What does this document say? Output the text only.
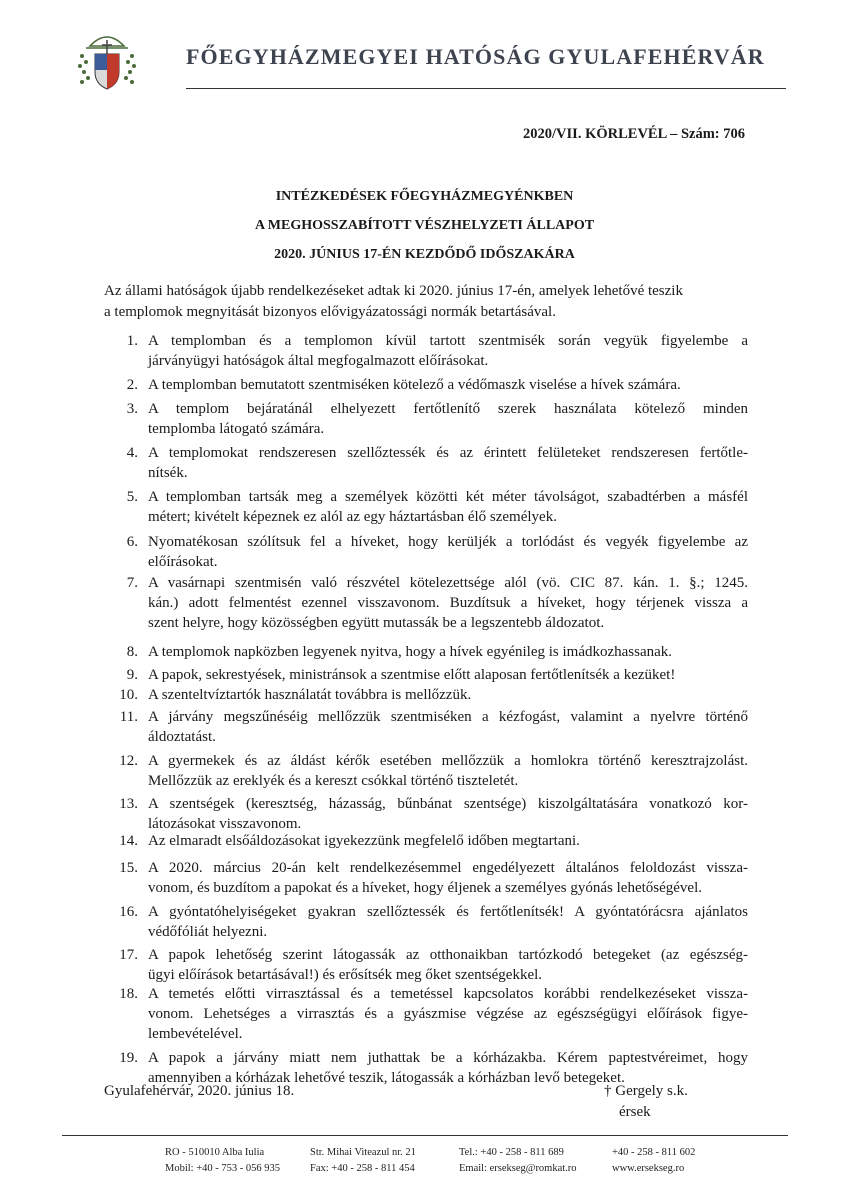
FŐEGYHÁZMEGYEI HATÓSÁG GYULAFEHÉRVÁR
2020/VII. KÖRLEVÉL – Szám: 706
INTÉZKEDÉSEK FŐEGYHÁZMEGYÉNKBEN
A MEGHOSSZABÍTOTT VÉSZHELYZETI ÁLLAPOT
2020. JÚNIUS 17-ÉN KEZDŐDŐ IDŐSZAKÁRA
Az állami hatóságok újabb rendelkezéseket adtak ki 2020. június 17-én, amelyek lehetővé teszik
a templomok megnyitását bizonyos elővigyázatossági normák betartásával.
1. A templomban és a templomon kívül tartott szentmisék során vegyük figyelembe a
járványügyi hatóságok által megfogalmazott előírásokat.
2. A templomban bemutatott szentmiséken kötelező a védőmaszk viselése a hívek számára.
3. A templom bejáratánál elhelyezett fertőtlenítő szerek használata kötelező minden
templomba látogató számára.
4. A templomokat rendszeresen szellőztessék és az érintett felületeket rendszeresen fertőtle-
nítsék.
5. A templomban tartsák meg a személyek közötti két méter távolságot, szabadtérben a másfél
métert; kivételt képeznek ez alól az egy háztartásban élő személyek.
6. Nyomatékosan szólítsuk fel a híveket, hogy kerüljék a torlódást és vegyék figyelembe az
előírásokat.
7. A vasárnapi szentmisén való részvétel kötelezettsége alól (vö. CIC 87. kán. 1. §.; 1245.
kán.) adott felmentést ezennel visszavonom. Buzdítsuk a híveket, hogy térjenek vissza a
szent helyre, hogy közösségben együtt mutassák be a legszentebb áldozatot.
8. A templomok napközben legyenek nyitva, hogy a hívek egyénileg is imádkozhassanak.
9. A papok, sekrestyések, ministránsok a szentmise előtt alaposan fertőtlenítsék a kezüket!
10. A szenteltvíztartók használatát továbbra is mellőzzük.
11. A járvány megszűnéséig mellőzzük szentmiséken a kézfogást, valamint a nyelvre történő
áldoztatást.
12. A gyermekek és az áldást kérők esetében mellőzzük a homlokra történő keresztrajzolást.
Mellőzzük az ereklyék és a kereszt csókkal történő tiszteletét.
13. A szentségek (keresztség, házasság, bűnbánat szentsége) kiszolgáltatására vonatkozó kor-
látozásokat visszavonom.
14. Az elmaradt elsőáldozásokat igyekezzünk megfelelő időben megtartani.
15. A 2020. március 20-án kelt rendelkezésemmel engedélyezett általános feloldozást vissza-
vonom, és buzdítom a papokat és a híveket, hogy éljenek a személyes gyónás lehetőségével.
16. A gyóntatóhelyiségeket gyakran szellőztessék és fertőtlenítsék! A gyóntatórácsra ajánlatos
védőfóliát helyezni.
17. A papok lehetőség szerint látogassák az otthonaikban tartózkodó betegeket (az egészség-
ügyi előírások betartásával!) és erősítsék meg őket szentségekkel.
18. A temetés előtti virrasztással és a temetéssel kapcsolatos korábbi rendelkezéseket vissza-
vonom. Lehetséges a virrasztás és a gyászmise végzése az egészségügyi előírások figye-
lembevételével.
19. A papok a járvány miatt nem juthattak be a kórházakba. Kérem paptestvéreimet, hogy
amennyiben a kórházak lehetővé teszik, látogassák a kórházban levő betegeket.
Gyulafehérvár, 2020. június 18.	† Gergely s.k.
érsek
RO - 510010 Alba Iulia	Str. Mihai Viteazul nr. 21	Tel.: +40 - 258 - 811 689	+40 - 258 - 811 602
Mobil: +40 - 753 - 056 935	Fax: +40 - 258 - 811 454	Email: ersekseg@romkat.ro	www.ersekseg.ro
